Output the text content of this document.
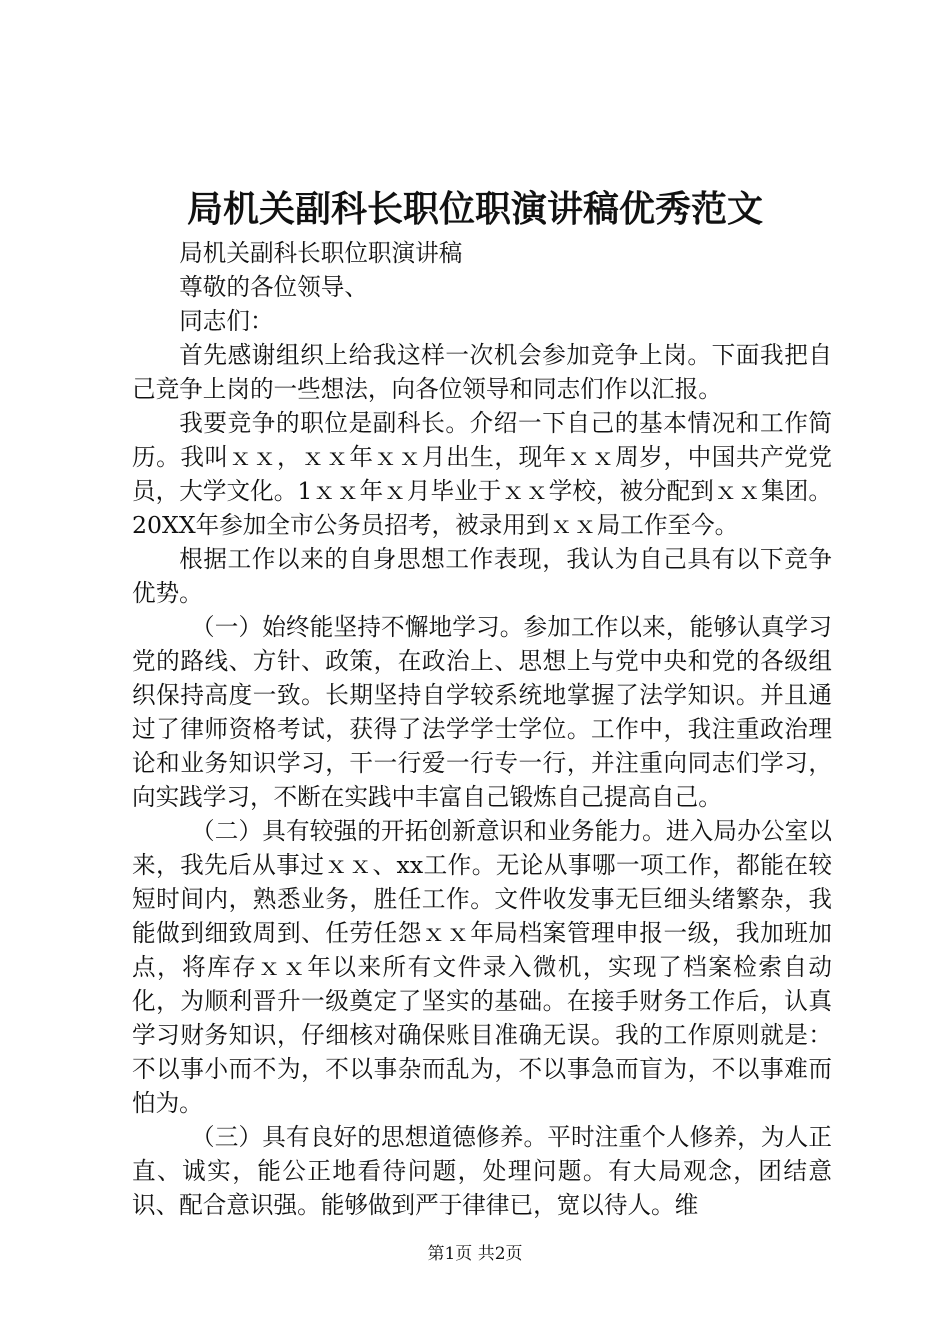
局机关副科长职位职演讲稿优秀范文

局机关副科长职位职演讲稿

尊敬的各位领导、

同志们：

首先感谢组织上给我这样一次机会参加竞争上岗。下面我把自己竞争上岗的一些想法，向各位领导和同志们作以汇报。

我要竞争的职位是副科长。介绍一下自己的基本情况和工作简历。我叫ｘｘ，ｘｘ年ｘｘ月出生，现年ｘｘ周岁，中国共产党党员，大学文化。1ｘｘ年ｘ月毕业于ｘｘ学校，被分配到ｘｘ集团。20XX年参加全市公务员招考，被录用到ｘｘ局工作至今。

根据工作以来的自身思想工作表现，我认为自己具有以下竞争优势。

（一）始终能坚持不懈地学习。参加工作以来，能够认真学习党的路线、方针、政策，在政治上、思想上与党中央和党的各级组织保持高度一致。长期坚持自学较系统地掌握了法学知识。并且通过了律师资格考试，获得了法学学士学位。工作中，我注重政治理论和业务知识学习，干一行爱一行专一行，并注重向同志们学习，向实践学习，不断在实践中丰富自己锻炼自己提高自己。

（二）具有较强的开拓创新意识和业务能力。进入局办公室以来，我先后从事过ｘｘ、xx工作。无论从事哪一项工作，都能在较短时间内，熟悉业务，胜任工作。文件收发事无巨细头绪繁杂，我能做到细致周到、任劳任怨ｘｘ年局档案管理申报一级，我加班加点，将库存ｘｘ年以来所有文件录入微机，实现了档案检索自动化，为顺利晋升一级奠定了坚实的基础。在接手财务工作后，认真学习财务知识，仔细核对确保账目准确无误。我的工作原则就是：不以事小而不为，不以事杂而乱为，不以事急而盲为，不以事难而怕为。

（三）具有良好的思想道德修养。平时注重个人修养，为人正直、诚实，能公正地看待问题，处理问题。有大局观念，团结意识、配合意识强。能够做到严于律律已，宽以待人。维

第1页 共2页
